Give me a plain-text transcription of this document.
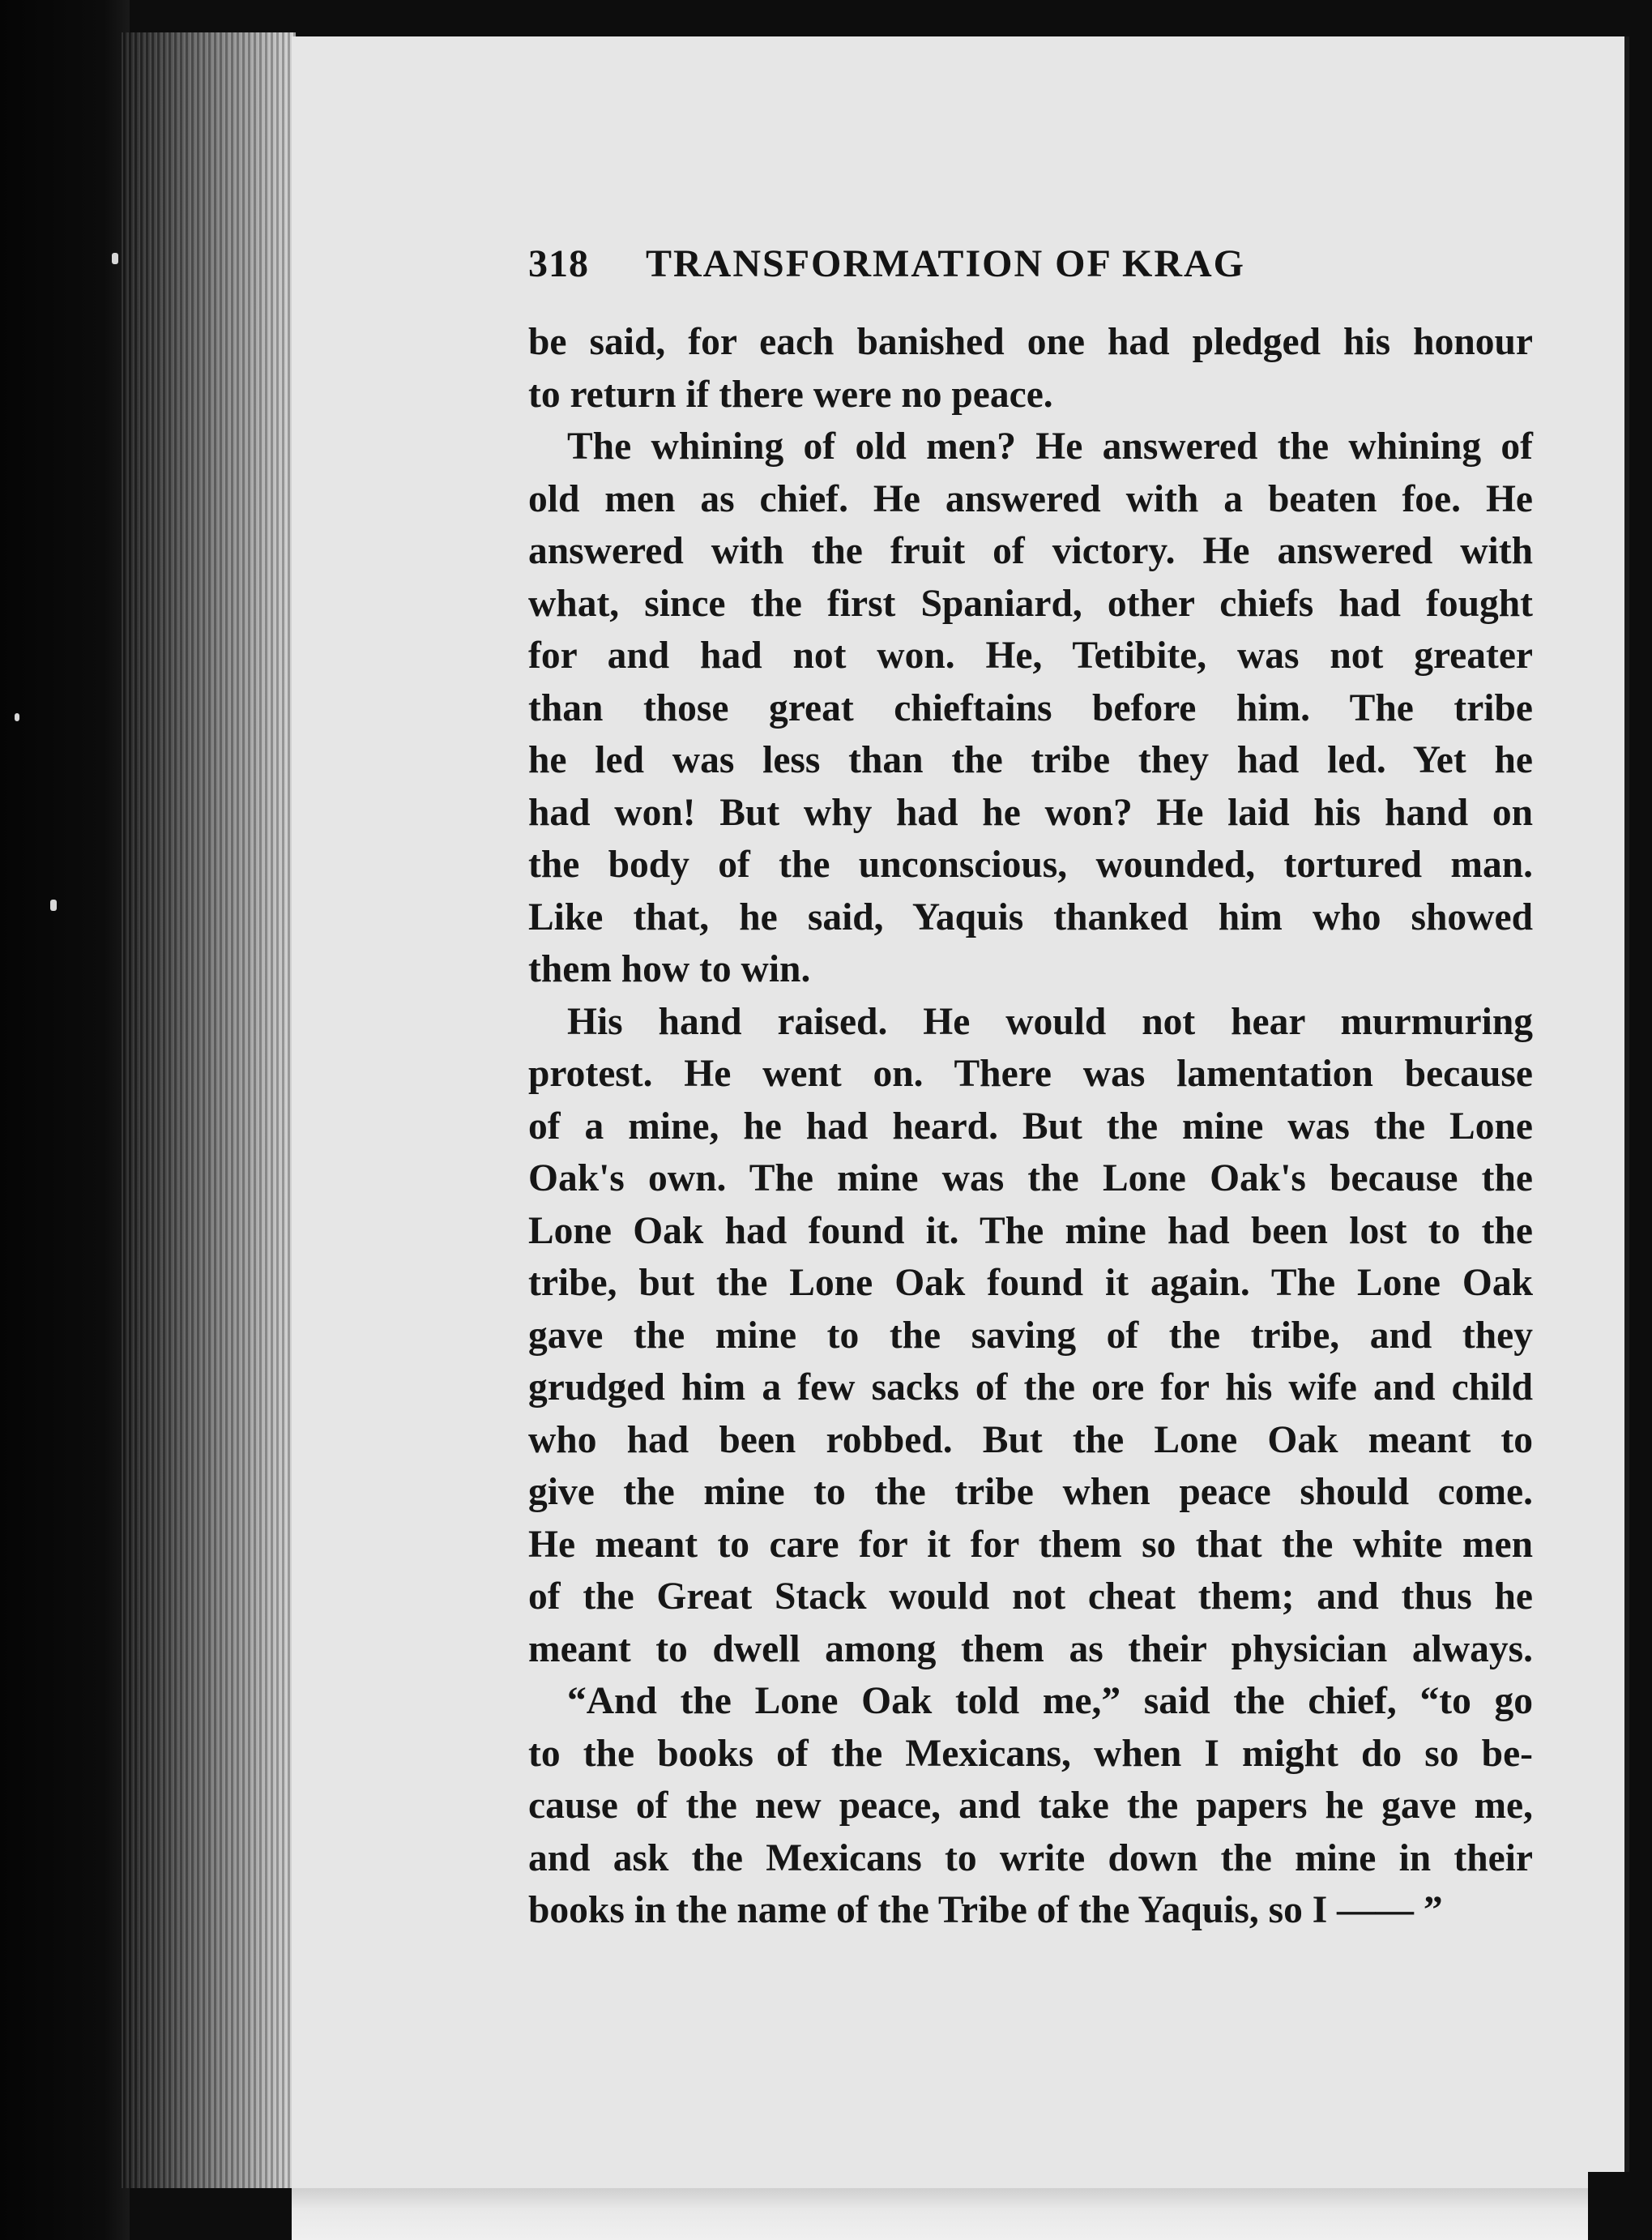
318	TRANSFORMATION OF KRAG
be said, for each banished one had pledged his honour
to return if there were no peace.
The whining of old men? He answered the whining of
old men as chief. He answered with a beaten foe. He
answered with the fruit of victory. He answered with
what, since the first Spaniard, other chiefs had fought
for and had not won. He, Tetibite, was not greater
than those great chieftains before him. The tribe
he led was less than the tribe they had led. Yet he
had won! But why had he won? He laid his hand on
the body of the unconscious, wounded, tortured man.
Like that, he said, Yaquis thanked him who showed
them how to win.
His hand raised. He would not hear murmuring
protest. He went on. There was lamentation because
of a mine, he had heard. But the mine was the Lone
Oak's own. The mine was the Lone Oak's because the
Lone Oak had found it. The mine had been lost to the
tribe, but the Lone Oak found it again. The Lone Oak
gave the mine to the saving of the tribe, and they
grudged him a few sacks of the ore for his wife and child
who had been robbed. But the Lone Oak meant to
give the mine to the tribe when peace should come.
He meant to care for it for them so that the white men
of the Great Stack would not cheat them; and thus he
meant to dwell among them as their physician always.
“And the Lone Oak told me,” said the chief, “to go
to the books of the Mexicans, when I might do so be-
cause of the new peace, and take the papers he gave me,
and ask the Mexicans to write down the mine in their
books in the name of the Tribe of the Yaquis, so I —— ”
